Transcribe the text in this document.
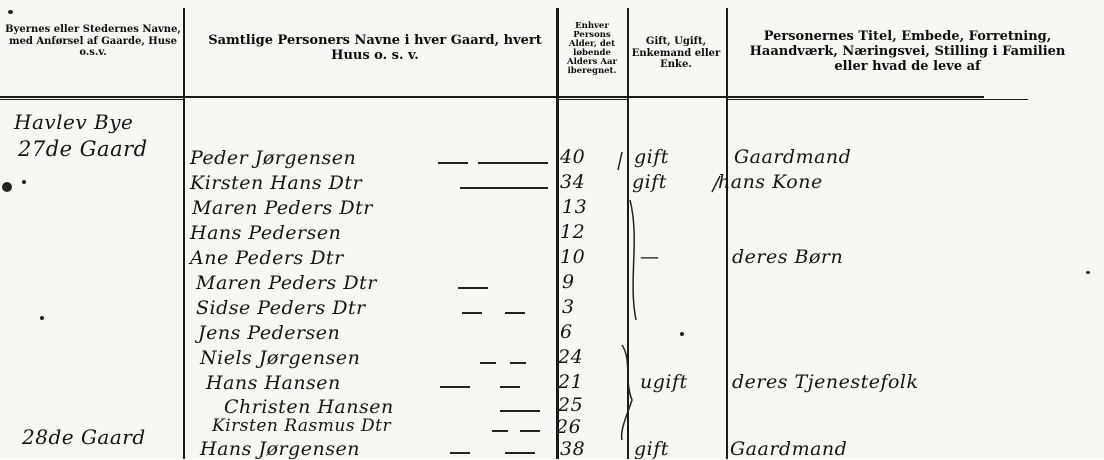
Byernes eller Stedernes Navne, med Anførsel af Gaarde, Huse o.s.v.
Samtlige Personers Navne i hver Gaard, hvert Huus o. s. v.
Enhver Persons Alder, det løbende Alders Aar iberegnet.
Gift, Ugift, Enkemand eller Enke.
Personernes Titel, Embede, Forretning, Haandværk, Næringsvei, Stilling i Familien eller hvad de leve af
Havlev Bye
27de Gaard
28de Gaard
Peder Jørgensen
Kirsten Hans Dtr
Maren Peders Dtr
Hans Pedersen
Ane Peders Dtr
Maren Peders Dtr
Sidse Peders Dtr
Jens Pedersen
Niels Jørgensen
Hans Hansen
Christen Hansen
Kirsten Rasmus Dtr
Hans Jørgensen
40
34
13
12
10
9
3
6
24
21
25
26
38
gift
gift
—
ugift
gift
Gaardmand
hans Kone
deres Børn
deres Tjenestefolk
Gaardmand
